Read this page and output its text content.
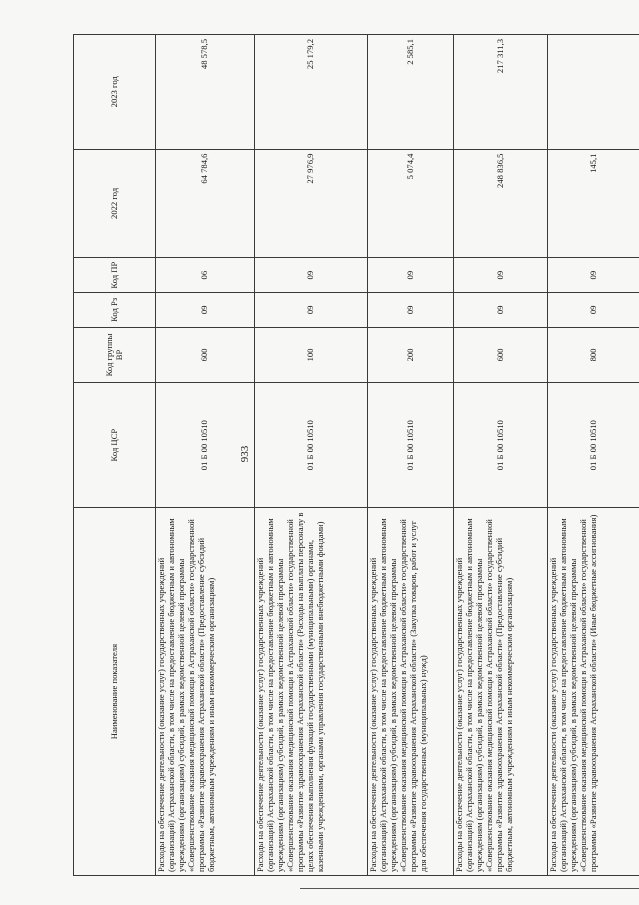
933
Наименование показателя	Код ЦСР	Код группы ВР	Код Рз	Код ПР	2022 год	2023 год
Расходы на обеспечение деятельности (оказание услуг) государственных учреждений (организаций) Астраханской области, в том числе на предоставление бюджетным и автономным учреждениям (организациям) субсидий, в рамках ведомственной целевой программы «Совершенствование оказания медицинской помощи в Астраханской области» государственной программы «Развитие здравоохранения Астраханской области» (Предоставление субсидий бюджетным, автономным учреждениям и иным некоммерческим организациям)	01 Б 00 10510	600	09	06	64 784,6	48 578,5
Расходы на обеспечение деятельности (оказание услуг) государственных учреждений (организаций) Астраханской области, в том числе на предоставление бюджетным и автономным учреждениям (организациям) субсидий, в рамках ведомственной целевой программы «Совершенствование оказания медицинской помощи в Астраханской области» государственной программы «Развитие здравоохранения Астраханской области» (Расходы на выплаты персоналу в целях обеспечения выполнения функций государственными (муниципальными) органами, казенными учреждениями, органами управления государственными внебюджетными фондами)	01 Б 00 10510	100	09	09	27 976,9	25 179,2
Расходы на обеспечение деятельности (оказание услуг) государственных учреждений (организаций) Астраханской области, в том числе на предоставление бюджетным и автономным учреждениям (организациям) субсидий, в рамках ведомственной целевой программы «Совершенствование оказания медицинской помощи в Астраханской области» государственной программы «Развитие здравоохранения Астраханской области» (Закупка товаров, работ и услуг для обеспечения государственных (муниципальных) нужд)	01 Б 00 10510	200	09	09	5 074,4	2 585,1
Расходы на обеспечение деятельности (оказание услуг) государственных учреждений (организаций) Астраханской области, в том числе на предоставление бюджетным и автономным учреждениям (организациям) субсидий, в рамках ведомственной целевой программы «Совершенствование оказания медицинской помощи в Астраханской области» государственной программы «Развитие здравоохранения Астраханской области» (Предоставление субсидий бюджетным, автономным учреждениям и иным некоммерческим организациям)	01 Б 00 10510	600	09	09	248 836,5	217 311,3
Расходы на обеспечение деятельности (оказание услуг) государственных учреждений (организаций) Астраханской области, в том числе на предоставление бюджетным и автономным учреждениям (организациям) субсидий, в рамках ведомственной целевой программы «Совершенствование оказания медицинской помощи в Астраханской области» государственной программы «Развитие здравоохранения Астраханской области» (Иные бюджетные ассигнования)	01 Б 00 10510	800	09	09	145,1	
